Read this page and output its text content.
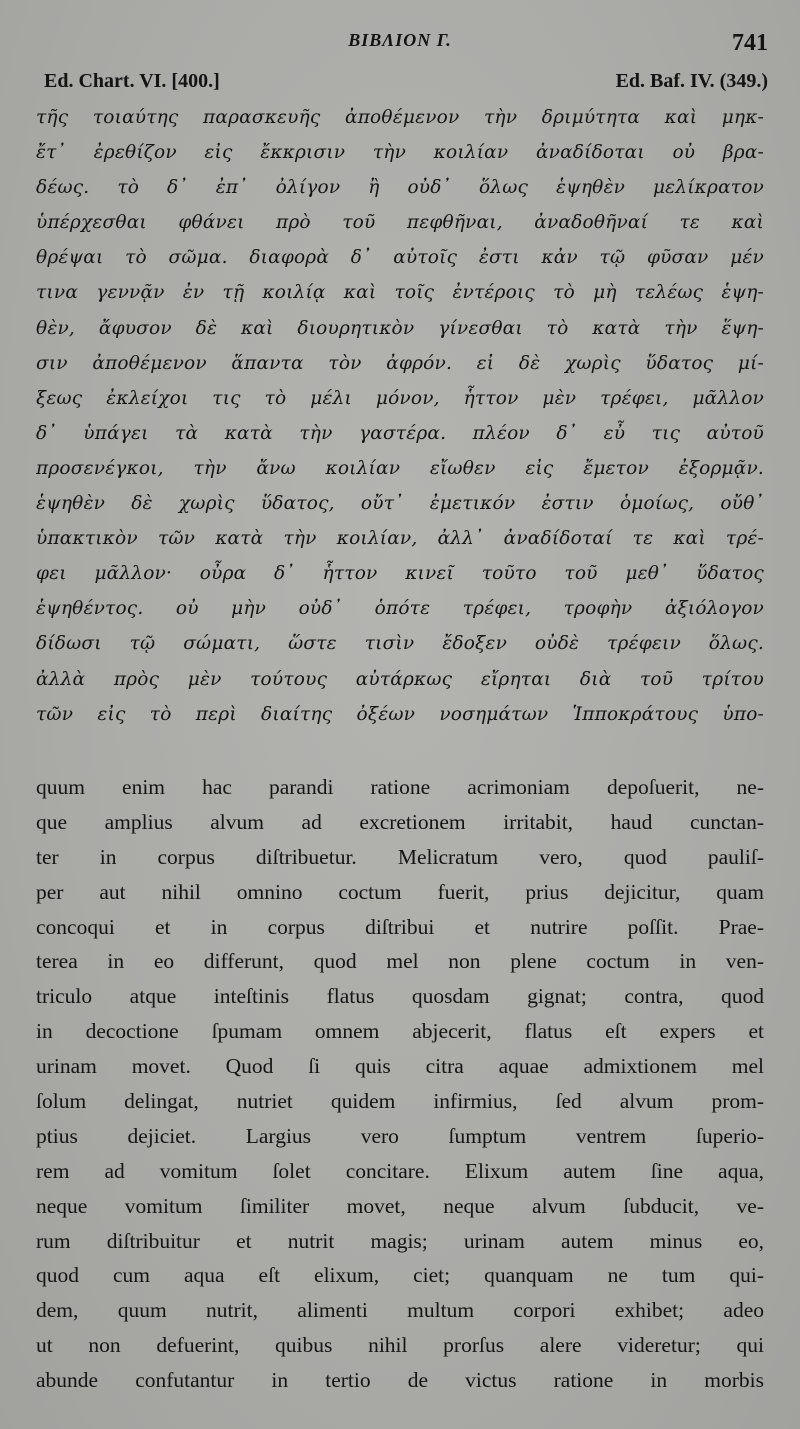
ΒΙΒΛΙΟΝ Γ.	741
Ed. Chart. VI. [400.]	Ed. Baf. IV. (349.)
τῆς τοιαύτης παρασκευῆς ἀποθέμενον τὴν δριμύτητα καὶ μηκ-
ἔτ᾽ ἐρεθίζον εἰς ἔκκρισιν τὴν κοιλίαν ἀναδίδοται οὐ βρα-
δέως. τὸ δ᾽ ἐπ᾽ ὀλίγον ἢ οὐδ᾽ ὅλως ἑψηθὲν μελίκρατον
ὑπέρχεσθαι φθάνει πρὸ τοῦ πεφθῆναι, ἀναδοθῆναί τε καὶ
θρέψαι τὸ σῶμα. διαφορὰ δ᾽ αὐτοῖς ἐστι κἀν τῷ φῦσαν μέν
τινα γεννᾷν ἐν τῇ κοιλίᾳ καὶ τοῖς ἐντέροις τὸ μὴ τελέως ἑψη-
θὲν, ἄφυσον δὲ καὶ διουρητικὸν γίνεσθαι τὸ κατὰ τὴν ἕψη-
σιν ἀποθέμενον ἅπαντα τὸν ἀφρόν. εἰ δὲ χωρὶς ὕδατος μί-
ξεως ἐκλείχοι τις τὸ μέλι μόνον, ἧττον μὲν τρέφει, μᾶλλον
δ᾽ ὑπάγει τὰ κατὰ τὴν γαστέρα. πλέον δ᾽ εὖ τις αὐτοῦ
προσενέγκοι, τὴν ἄνω κοιλίαν εἴωθεν εἰς ἔμετον ἐξορμᾷν.
ἑψηθὲν δὲ χωρὶς ὕδατος, οὔτ᾽ ἐμετικόν ἐστιν ὁμοίως, οὔθ᾽
ὑπακτικὸν τῶν κατὰ τὴν κοιλίαν, ἀλλ᾽ ἀναδίδοταί τε καὶ τρέ-
φει μᾶλλον· οὖρα δ᾽ ἧττον κινεῖ τοῦτο τοῦ μεθ᾽ ὕδατος
ἑψηθέντος. οὐ μὴν οὐδ᾽ ὁπότε τρέφει, τροφὴν ἀξιόλογον
δίδωσι τῷ σώματι, ὥστε τισὶν ἔδοξεν οὐδὲ τρέφειν ὅλως.
ἀλλὰ πρὸς μὲν τούτους αὐτάρκως εἴρηται διὰ τοῦ τρίτου
τῶν εἰς τὸ περὶ διαίτης ὀξέων νοσημάτων Ἱπποκράτους ὑπο-
quum enim hac parandi ratione acrimoniam depoſuerit, ne-
que amplius alvum ad excretionem irritabit, haud cunctan-
ter in corpus diſtribuetur. Melicratum vero, quod pauliſ-
per aut nihil omnino coctum fuerit, prius dejicitur, quam
concoqui et in corpus diſtribui et nutrire poſſit. Prae-
terea in eo differunt, quod mel non plene coctum in ven-
triculo atque inteſtinis flatus quosdam gignat; contra, quod
in decoctione ſpumam omnem abjecerit, flatus eſt expers et
urinam movet. Quod ſi quis citra aquae admixtionem mel
ſolum delingat, nutriet quidem infirmius, ſed alvum prom-
ptius dejiciet. Largius vero ſumptum ventrem ſuperio-
rem ad vomitum ſolet concitare. Elixum autem ſine aqua,
neque vomitum ſimiliter movet, neque alvum ſubducit, ve-
rum diſtribuitur et nutrit magis; urinam autem minus eo,
quod cum aqua eſt elixum, ciet; quanquam ne tum qui-
dem, quum nutrit, alimenti multum corpori exhibet; adeo
ut non defuerint, quibus nihil prorſus alere videretur; qui
abunde confutantur in tertio de victus ratione in morbis
